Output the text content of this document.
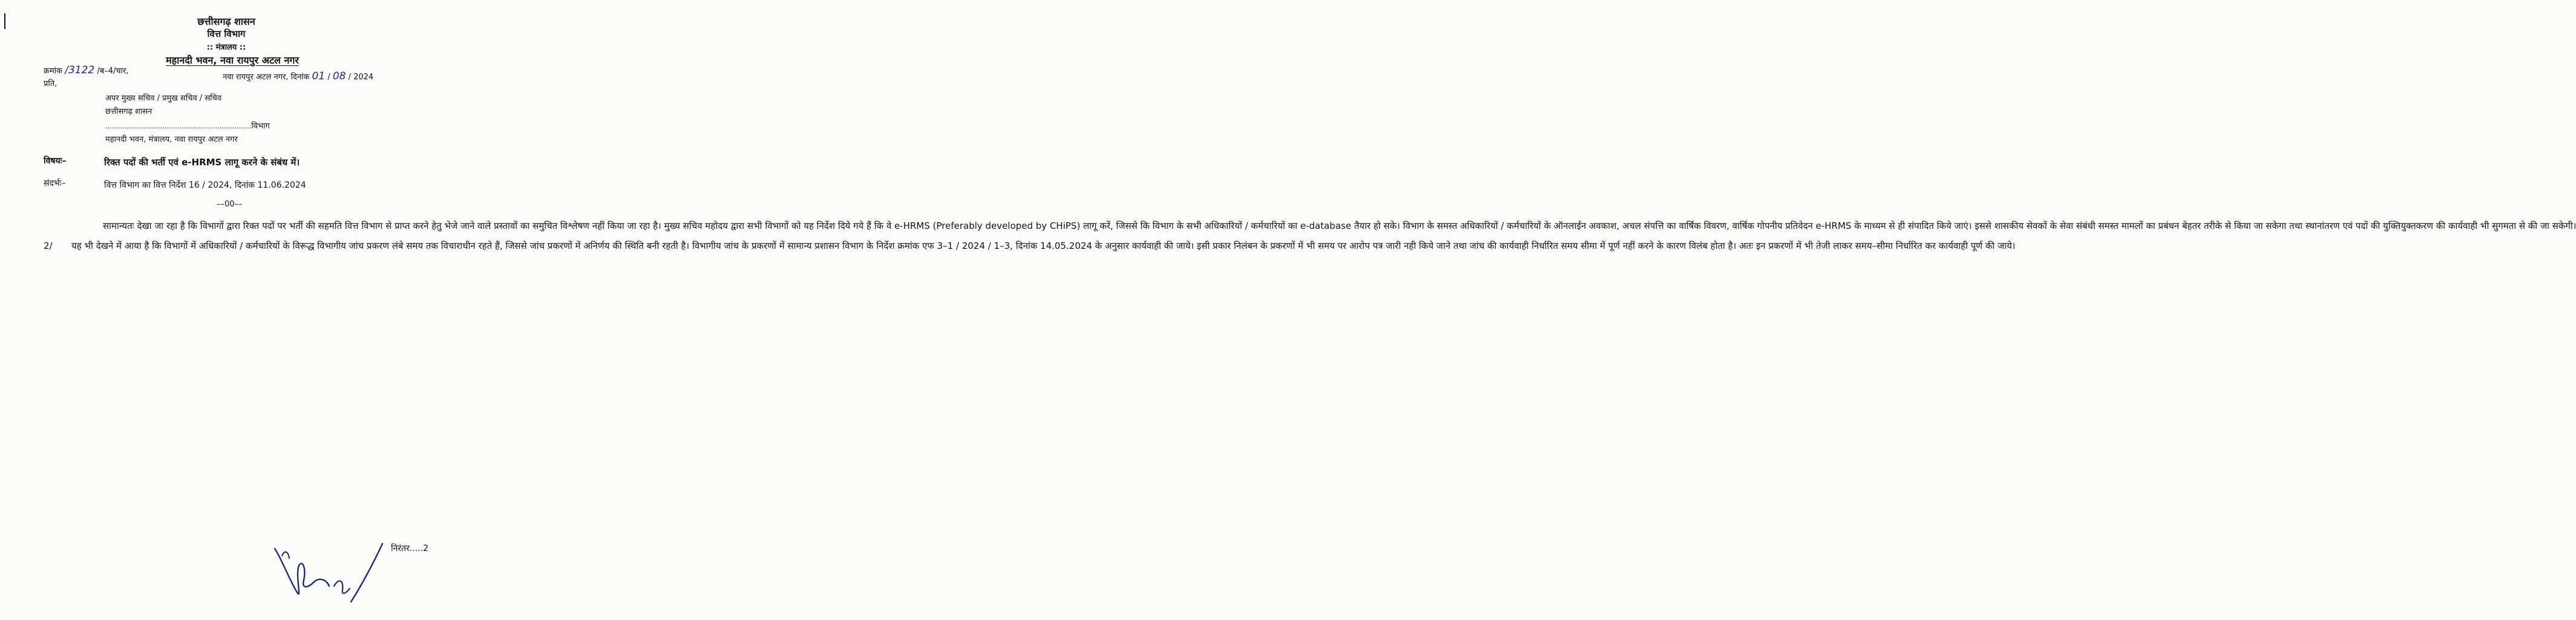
छत्तीसगढ़ शासन
वित्त विभाग
:: मंत्रालय ::
महानदी भवन, नवा रायपुर अटल नगर
क्रमांक /3122 /ब–4/चार,
नवा रायपुर अटल नगर, दिनांक 01 / 08 / 2024
प्रति,
अपर मुख्य सचिव / प्रमुख सचिव / सचिव
छत्तीसगढ़ शासन
.....................................................................विभाग
महानदी भवन, मंत्रालय, नवा रायपुर अटल नगर
विषयः–	रिक्त पदों की भर्ती एवं e-HRMS लागू करने के संबंध में।
संदर्भः–	वित्त विभाग का वित्त निर्देश 16 / 2024, दिनांक 11.06.2024
––00––

सामान्यतः देखा जा रहा है कि विभागों द्वारा रिक्त पदों पर भर्ती की सहमति वित्त विभाग से प्राप्त करने हेतु भेजे जाने वाले प्रस्तावों का समुचित विश्लेषण नहीं किया जा रहा है। मुख्य सचिव महोदय द्वारा सभी विभागों को यह निर्देश दिये गये हैं कि वे e-HRMS (Preferably developed by CHiPS) लागू करें, जिससे कि विभाग के सभी अधिकारियों / कर्मचारियों का e-database तैयार हो सके। विभाग के समस्त अधिकारियों / कर्मचारियों के ऑनलाईन अवकाश, अचल संपत्ति का वार्षिक विवरण, वार्षिक गोपनीय प्रतिवेदन e-HRMS के माध्यम से ही संपादित किये जाएं। इससे शासकीय सेवकों के सेवा संबंधी समस्त मामलों का प्रबंधन बेहतर तरीके से किया जा सकेगा तथा स्थानांतरण एवं पदों की युक्तियुक्तकरण की कार्यवाही भी सुगमता से की जा सकेगी।

2/ यह भी देखने में आया है कि विभागों में अधिकारियों / कर्मचारियों के विरूद्ध विभागीय जांच प्रकरण लंबे समय तक विचाराधीन रहते हैं, जिससे जांच प्रकरणों में अनिर्णय की स्थिति बनी रहती है। विभागीय जांच के प्रकरणों में सामान्य प्रशासन विभाग के निर्देश क्रमांक एफ 3–1 / 2024 / 1–3, दिनांक 14.05.2024 के अनुसार कार्यवाही की जाये। इसी प्रकार निलंबन के प्रकरणों में भी समय पर आरोप पत्र जारी नही किये जाने तथा जांच की कार्यवाही निर्धारित समय सीमा में पूर्ण नहीं करने के कारण विलंब होता है। अतः इन प्रकरणों में भी तेजी लाकर समय–सीमा निर्धारित कर कार्यवाही पूर्ण की जाये।

निरंतर.....2
